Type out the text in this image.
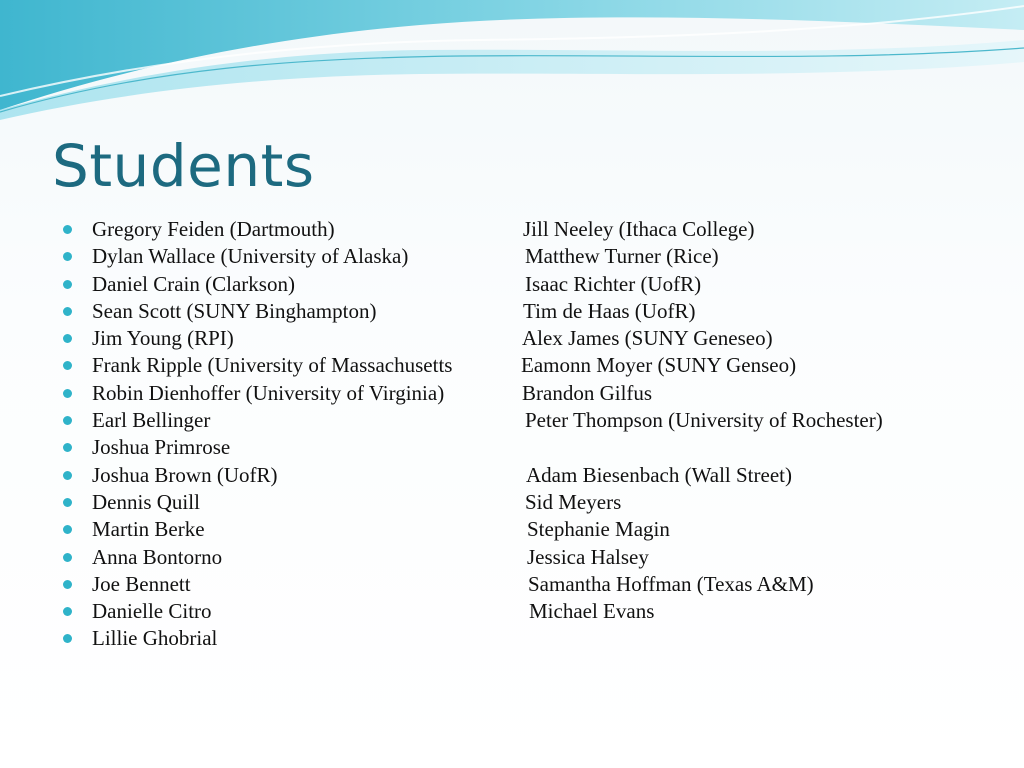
Students
Gregory Feiden (Dartmouth)	Jill Neeley (Ithaca College)
Dylan Wallace (University of Alaska)	Matthew Turner (Rice)
Daniel Crain (Clarkson)	Isaac Richter (UofR)
Sean Scott (SUNY Binghampton)	Tim de Haas (UofR)
Jim Young (RPI)	Alex James (SUNY Geneseo)
Frank Ripple (University of Massachusetts	Eamonn Moyer (SUNY Genseo)
Robin Dienhoffer (University of Virginia)	Brandon Gilfus
Earl Bellinger	Peter Thompson (University of Rochester)
Joshua Primrose
Joshua Brown (UofR)	Adam Biesenbach (Wall Street)
Dennis Quill	Sid Meyers
Martin Berke	Stephanie Magin
Anna Bontorno	Jessica Halsey
Joe Bennett	Samantha Hoffman (Texas A&M)
Danielle Citro	Michael Evans
Lillie Ghobrial
